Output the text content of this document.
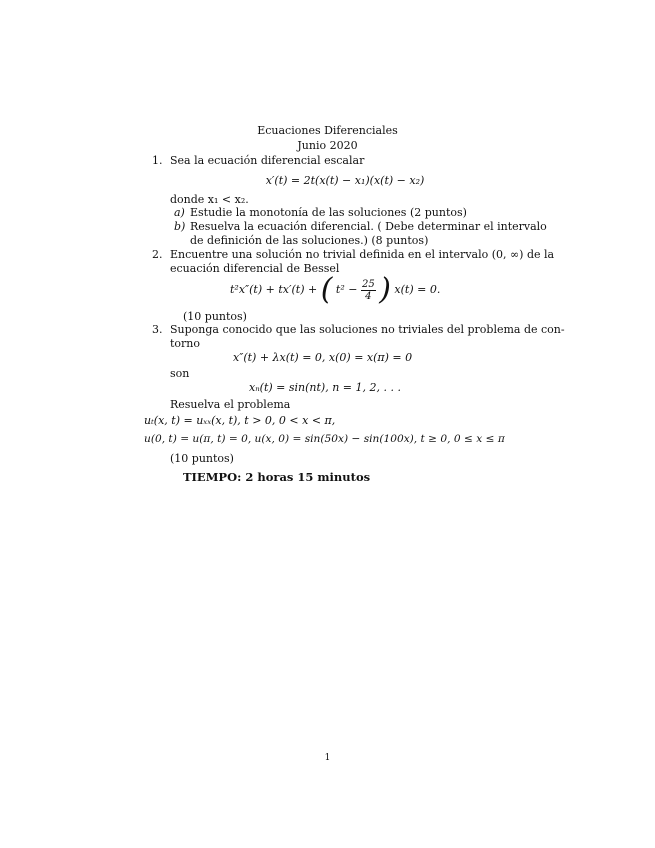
Ecuaciones Diferenciales
Junio 2020
1. Sea la ecuación diferencial escalar
x′(t) = 2t(x(t) − x₁)(x(t) − x₂)
donde x₁ < x₂.
a) Estudie la monotonía de las soluciones (2 puntos)
b) Resuelva la ecuación diferencial. ( Debe determinar el intervalo
de definición de las soluciones.) (8 puntos)
2. Encuentre una solución no trivial definida en el intervalo (0, ∞) de la
ecuación diferencial de Bessel
t²x″(t) + tx′(t) + ( $t^2 - \frac{25}{4}$ ) x(t) = 0.
(10 puntos)
3. Suponga conocido que las soluciones no triviales del problema de con-
torno
x″(t) + λx(t) = 0, x(0) = x(π) = 0
son
xₙ(t) = sin(nt), n = 1, 2, . . .
Resuelva el problema
uₜ(x, t) = uₓₓ(x, t), t > 0, 0 < x < π,
u(0, t) = u(π, t) = 0, u(x, 0) = sin(50x) − sin(100x), t ≥ 0, 0 ≤ x ≤ π
(10 puntos)
TIEMPO: 2 horas 15 minutos
1
